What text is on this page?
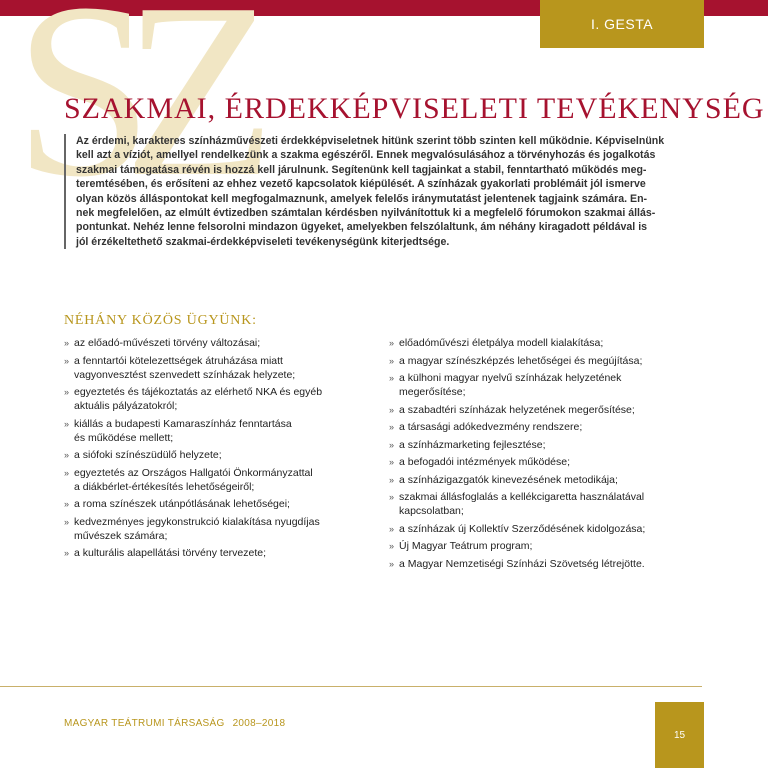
SZ	I. GESTA
SZAKMAI, ÉRDEKKÉPVISELETI TEVÉKENYSÉG

Az érdemi, karakteres színházművészeti érdekképviseletnek hitünk szerint több szinten kell működnie. Képviselnünk
kell azt a víziót, amellyel rendelkezünk a szakma egészéről. Ennek megvalósulásához a törvényhozás és jogalkotás
szakmai támogatása révén is hozzá kell járulnunk. Segítenünk kell tagjainkat a stabil, fenntartható működés meg-
teremtésében, és erősíteni az ehhez vezető kapcsolatok kiépülését. A színházak gyakorlati problémáit jól ismerve
olyan közös álláspontokat kell megfogalmaznunk, amelyek felelős iránymutatást jelentenek tagjaink számára. En-
nek megfelelően, az elmúlt évtizedben számtalan kérdésben nyilvánítottuk ki a megfelelő fórumokon szakmai állás-
pontunkat. Nehéz lenne felsorolni mindazon ügyeket, amelyekben felszólaltunk, ám néhány kiragadott példával is
jól érzékeltethető szakmai-érdekképviseleti tevékenységünk kiterjedtsége.

NÉHÁNY KÖZÖS ÜGYÜNK:
» az előadó-művészeti törvény változásai;
» a fenntartói kötelezettségek átruházása miatt
vagyonvesztést szenvedett színházak helyzete;
» egyeztetés és tájékoztatás az elérhető NKA és egyéb
aktuális pályázatokról;
» kiállás a budapesti Kamaraszínház fenntartása
és működése mellett;
» a siófoki színészüdülő helyzete;
» egyeztetés az Országos Hallgatói Önkormányzattal
a diákbérlet-értékesítés lehetőségeiről;
» a roma színészek utánpótlásának lehetőségei;
» kedvezményes jegykonstrukció kialakítása nyugdíjas
művészek számára;
» a kulturális alapellátási törvény tervezete;
» előadóművészi életpálya modell kialakítása;
» a magyar színészképzés lehetőségei és megújítása;
» a külhoni magyar nyelvű színházak helyzetének
megerősítése;
» a szabadtéri színházak helyzetének megerősítése;
» a társasági adókedvezmény rendszere;
» a színházmarketing fejlesztése;
» a befogadói intézmények működése;
» a színházigazgatók kinevezésének metodikája;
» szakmai állásfoglalás a kellékcigaretta használatával
kapcsolatban;
» a színházak új Kollektív Szerződésének kidolgozása;
» Új Magyar Teátrum program;
» a Magyar Nemzetiségi Színházi Szövetség létrejötte.
MAGYAR TEÁTRUMI TÁRSASÁG 2008–2018
15
